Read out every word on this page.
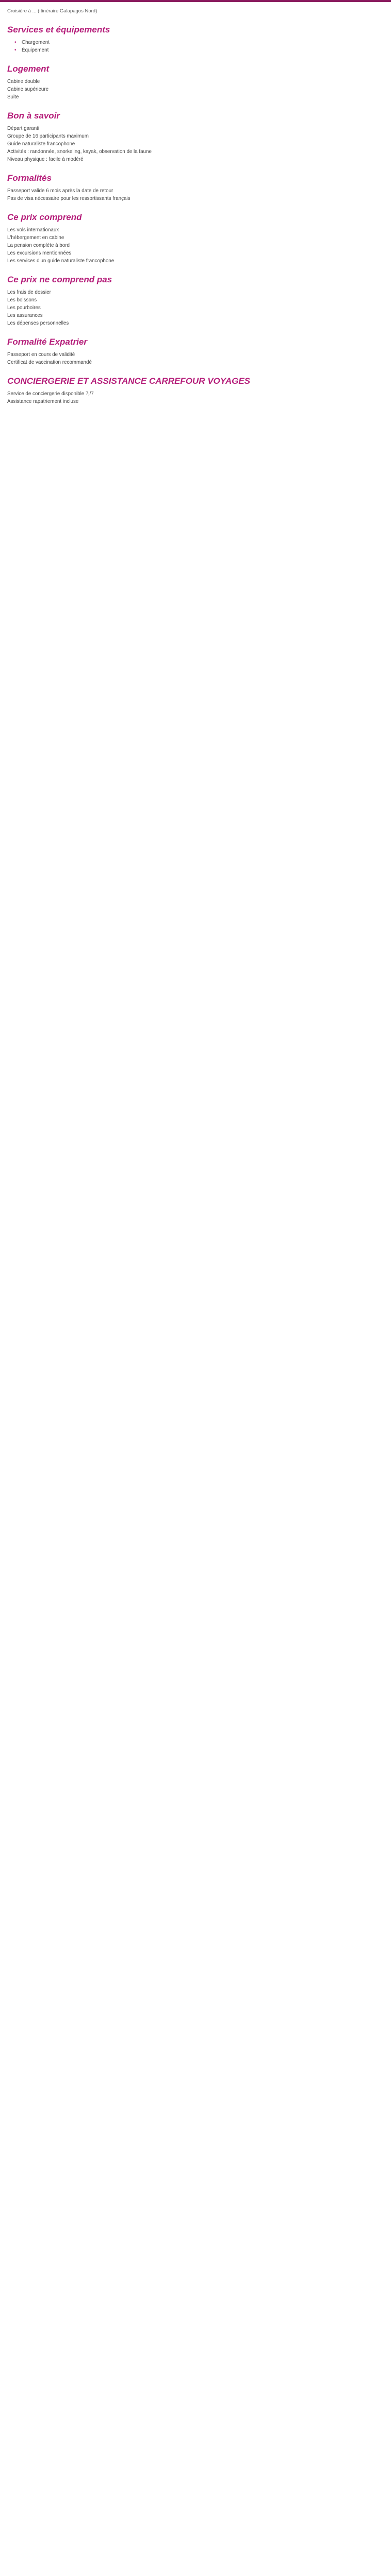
Croisière à ... (Itinéraire Galapagos Nord)

Services et équipements

• Chargement

• Équipement

Logement

Cabine double

Cabine supérieure

Suite

Bon à savoir

Départ garanti

Groupe de 16 participants maximum

Guide naturaliste francophone

Activités : randonnée, snorkeling, kayak, observation de la faune

Niveau physique : facile à modéré

Formalités

Passeport valide 6 mois après la date de retour

Pas de visa nécessaire pour les ressortissants français

Ce prix comprend

Les vols internationaux

L'hébergement en cabine

La pension complète à bord

Les excursions mentionnées

Les services d'un guide naturaliste francophone

Ce prix ne comprend pas

Les frais de dossier

Les boissons

Les pourboires

Les assurances

Les dépenses personnelles

Formalité Expatrier

Passeport en cours de validité

Certificat de vaccination recommandé

CONCIERGERIE ET ASSISTANCE CARREFOUR VOYAGES

Service de conciergerie disponible 7j/7

Assistance rapatriement incluse
